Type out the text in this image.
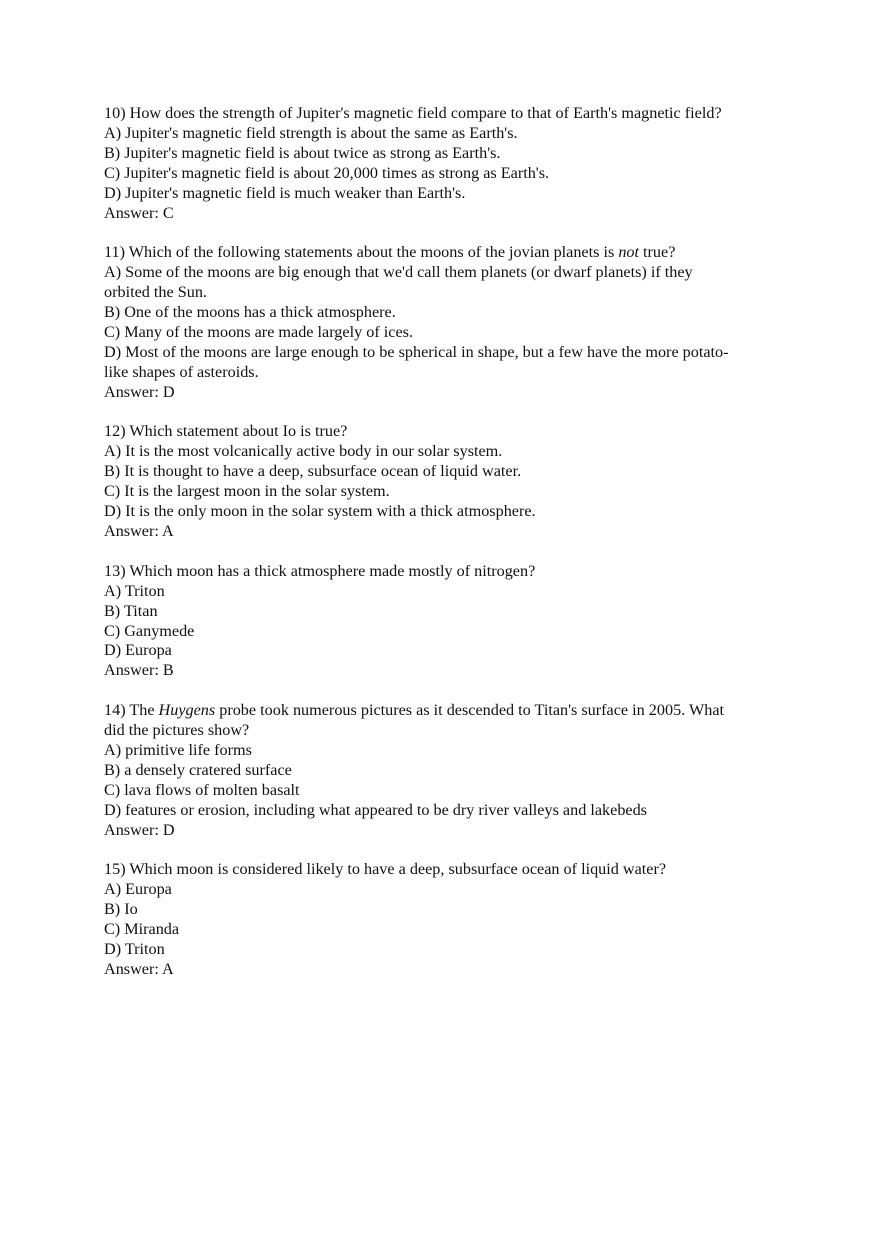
10) How does the strength of Jupiter's magnetic field compare to that of Earth's magnetic field?
A) Jupiter's magnetic field strength is about the same as Earth's.
B) Jupiter's magnetic field is about twice as strong as Earth's.
C) Jupiter's magnetic field is about 20,000 times as strong as Earth's.
D) Jupiter's magnetic field is much weaker than Earth's.
Answer: C
11) Which of the following statements about the moons of the jovian planets is not true?
A) Some of the moons are big enough that we'd call them planets (or dwarf planets) if they
orbited the Sun.
B) One of the moons has a thick atmosphere.
C) Many of the moons are made largely of ices.
D) Most of the moons are large enough to be spherical in shape, but a few have the more potato-
like shapes of asteroids.
Answer: D
12) Which statement about Io is true?
A) It is the most volcanically active body in our solar system.
B) It is thought to have a deep, subsurface ocean of liquid water.
C) It is the largest moon in the solar system.
D) It is the only moon in the solar system with a thick atmosphere.
Answer: A
13) Which moon has a thick atmosphere made mostly of nitrogen?
A) Triton
B) Titan
C) Ganymede
D) Europa
Answer: B
14) The Huygens probe took numerous pictures as it descended to Titan's surface in 2005. What
did the pictures show?
A) primitive life forms
B) a densely cratered surface
C) lava flows of molten basalt
D) features or erosion, including what appeared to be dry river valleys and lakebeds
Answer: D
15) Which moon is considered likely to have a deep, subsurface ocean of liquid water?
A) Europa
B) Io
C) Miranda
D) Triton
Answer: A
